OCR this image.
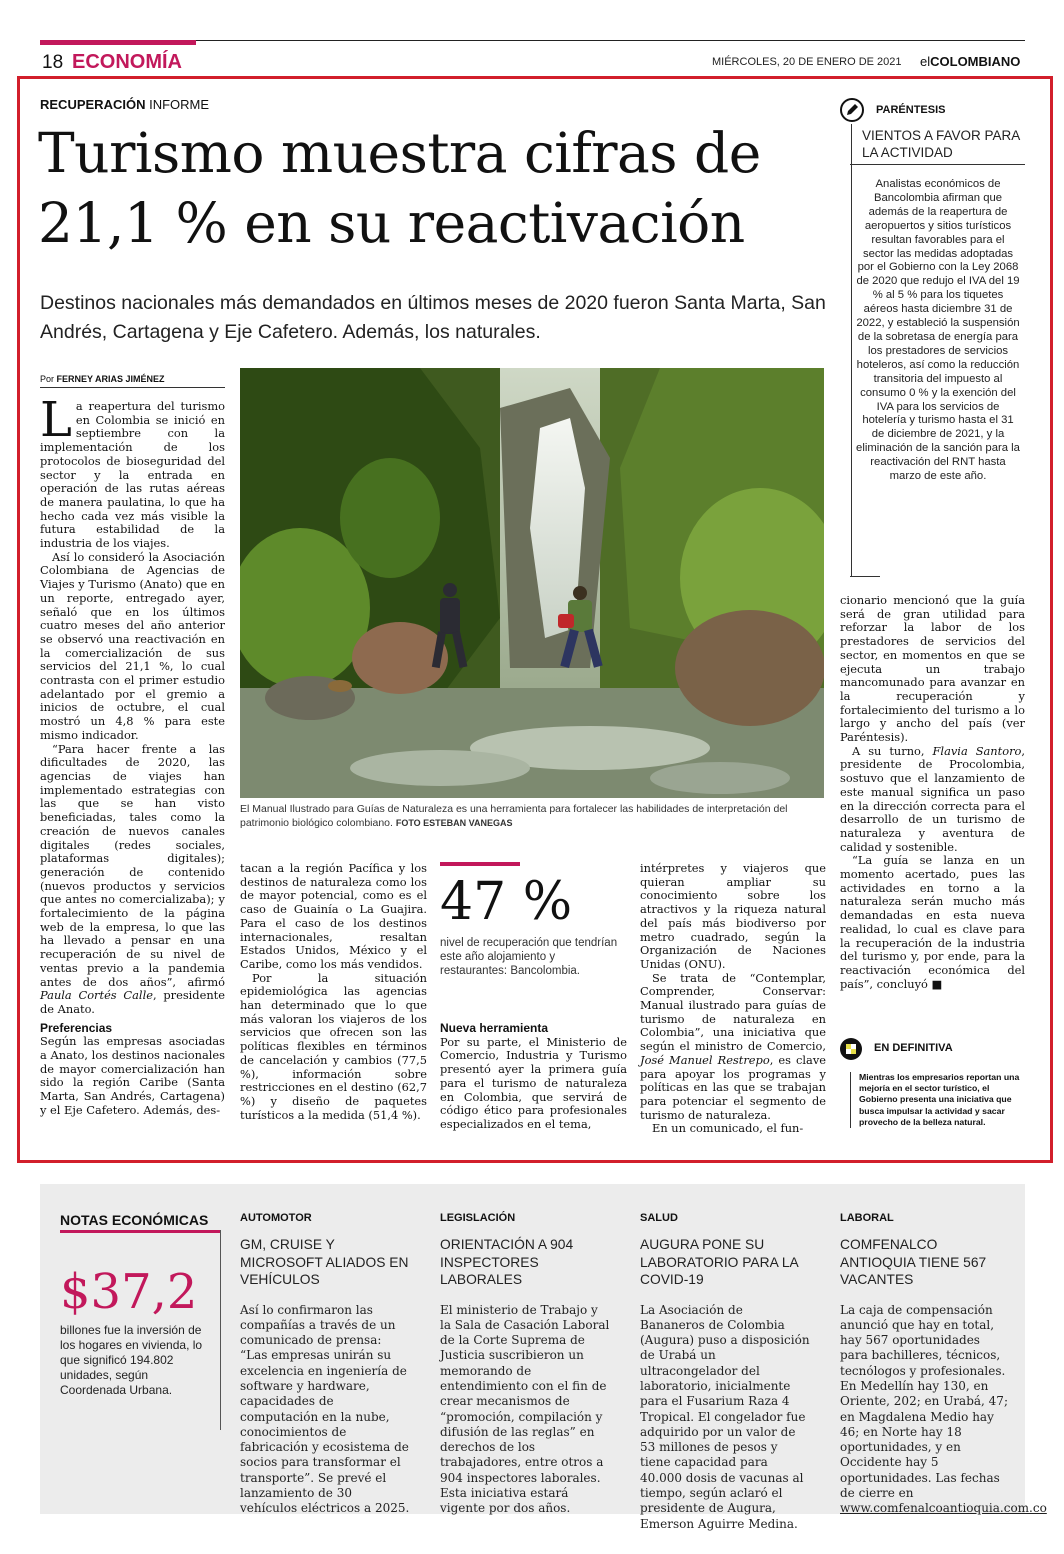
18 ECONOMÍA	MIÉRCOLES, 20 DE ENERO DE 2021 elCOLOMBIANO
RECUPERACIÓN INFORME
Turismo muestra cifras de 21,1 % en su reactivación
Destinos nacionales más demandados en últimos meses de 2020 fueron Santa Marta, San Andrés, Cartagena y Eje Cafetero. Además, los naturales.
Por FERNEY ARIAS JIMÉNEZ

La reapertura del turismo en Colombia se inició en septiembre con la implementación de los protocolos de bioseguridad del sector y la entrada en operación de las rutas aéreas de manera paulatina, lo que ha hecho cada vez más visible la futura estabilidad de la industria de los viajes.

Así lo consideró la Asociación Colombiana de Agencias de Viajes y Turismo (Anato) que en un reporte, entregado ayer, señaló que en los últimos cuatro meses del año anterior se observó una reactivación en la comercialización de sus servicios del 21,1 %, lo cual contrasta con el primer estudio adelantado por el gremio a inicios de octubre, el cual mostró un 4,8 % para este mismo indicador.

“Para hacer frente a las dificultades de 2020, las agencias de viajes han implementado estrategias con las que se han visto beneficiadas, tales como la creación de nuevos canales digitales (redes sociales, plataformas digitales); generación de contenido (nuevos productos y servicios que antes no comercializaba); y fortalecimiento de la página web de la empresa, lo que las ha llevado a pensar en una recuperación de su nivel de ventas previo a la pandemia antes de dos años”, afirmó Paula Cortés Calle, presidente de Anato.

Preferencias

Según las empresas asociadas a Anato, los destinos nacionales de mayor comercialización han sido la región Caribe (Santa Marta, San Andrés, Cartagena) y el Eje Cafetero. Además, des-

El Manual Ilustrado para Guías de Naturaleza es una herramienta para fortalecer las habilidades de interpretación del patrimonio biológico colombiano. FOTO ESTEBAN VANEGAS

tacan a la región Pacífica y los destinos de naturaleza como los de mayor potencial, como es el caso de Guainía o La Guajira. Para el caso de los destinos internacionales, resaltan Estados Unidos, México y el Caribe, como los más vendidos.

Por la situación epidemiológica las agencias han determinado que lo que más valoran los viajeros de los servicios que ofrecen son las políticas flexibles en términos de cancelación y cambios (77,5 %), información sobre restricciones en el destino (62,7 %) y diseño de paquetes turísticos a la medida (51,4 %).

47 %
nivel de recuperación que tendrían este año alojamiento y restaurantes: Bancolombia.
Nueva herramienta

Por su parte, el Ministerio de Comercio, Industria y Turismo presentó ayer la primera guía para el turismo de naturaleza en Colombia, que servirá de código ético para profesionales especializados en el tema,

intérpretes y viajeros que quieran ampliar su conocimiento sobre los atractivos y la riqueza natural del país más biodiverso por metro cuadrado, según la Organización de Naciones Unidas (ONU).

Se trata de “Contemplar, Comprender, Conservar: Manual ilustrado para guías de turismo de naturaleza en Colombia”, una iniciativa que según el ministro de Comercio, José Manuel Restrepo, es clave para apoyar los programas y políticas en las que se trabajan para potenciar el segmento de turismo de naturaleza.

En un comunicado, el fun-

cionario mencionó que la guía será de gran utilidad para reforzar la labor de los prestadores de servicios del sector, en momentos en que se ejecuta un trabajo mancomunado para avanzar en la recuperación y fortalecimiento del turismo a lo largo y ancho del país (ver Paréntesis).

A su turno, Flavia Santoro, presidente de Procolombia, sostuvo que el lanzamiento de este manual significa un paso en la dirección correcta para el desarrollo de un turismo de naturaleza y aventura de calidad y sostenible.

“La guía se lanza en un momento acertado, pues las actividades en torno a la naturaleza serán mucho más demandadas en esta nueva realidad, lo cual es clave para la recuperación de la industria del turismo y, por ende, para la reactivación económica del país”, concluyó ■

PARÉNTESIS
VIENTOS A FAVOR PARA LA ACTIVIDAD
Analistas económicos de Bancolombia afirman que además de la reapertura de aeropuertos y sitios turísticos resultan favorables para el sector las medidas adoptadas por el Gobierno con la Ley 2068 de 2020 que redujo el IVA del 19 % al 5 % para los tiquetes aéreos hasta diciembre 31 de 2022, y estableció la suspensión de la sobretasa de energía para los prestadores de servicios hoteleros, así como la reducción transitoria del impuesto al consumo 0 % y la exención del IVA para los servicios de hotelería y turismo hasta el 31 de diciembre de 2021, y la eliminación de la sanción para la reactivación del RNT hasta marzo de este año.
EN DEFINITIVA
Mientras los empresarios reportan una mejoría en el sector turístico, el Gobierno presenta una iniciativa que busca impulsar la actividad y sacar provecho de la belleza natural.
NOTAS ECONÓMICAS
$37,2
billones fue la inversión de los hogares en vivienda, lo que significó 194.802 unidades, según Coordenada Urbana.
AUTOMOTOR
GM, CRUISE Y MICROSOFT ALIADOS EN VEHÍCULOS
Así lo confirmaron las compañías a través de un comunicado de prensa: “Las empresas unirán su excelencia en ingeniería de software y hardware, capacidades de computación en la nube, conocimientos de fabricación y ecosistema de socios para transformar el transporte”. Se prevé el lanzamiento de 30 vehículos eléctricos a 2025.
LEGISLACIÓN
ORIENTACIÓN A 904 INSPECTORES LABORALES
El ministerio de Trabajo y la Sala de Casación Laboral de la Corte Suprema de Justicia suscribieron un memorando de entendimiento con el fin de crear mecanismos de “promoción, compilación y difusión de las reglas” en derechos de los trabajadores, entre otros a 904 inspectores laborales. Esta iniciativa estará vigente por dos años.
SALUD
AUGURA PONE SU LABORATORIO PARA LA COVID-19
La Asociación de Bananeros de Colombia (Augura) puso a disposición de Urabá un ultracongelador del laboratorio, inicialmente para el Fusarium Raza 4 Tropical. El congelador fue adquirido por un valor de 53 millones de pesos y tiene capacidad para 40.000 dosis de vacunas al tiempo, según aclaró el presidente de Augura, Emerson Aguirre Medina.
LABORAL
COMFENALCO ANTIOQUIA TIENE 567 VACANTES
La caja de compensación anunció que hay en total, hay 567 oportunidades para bachilleres, técnicos, tecnólogos y profesionales. En Medellín hay 130, en Oriente, 202; en Urabá, 47; en Magdalena Medio hay 46; en Norte hay 18 oportunidades, y en Occidente hay 5 oportunidades. Las fechas de cierre en www.comfenalcoantioquia.com.co
